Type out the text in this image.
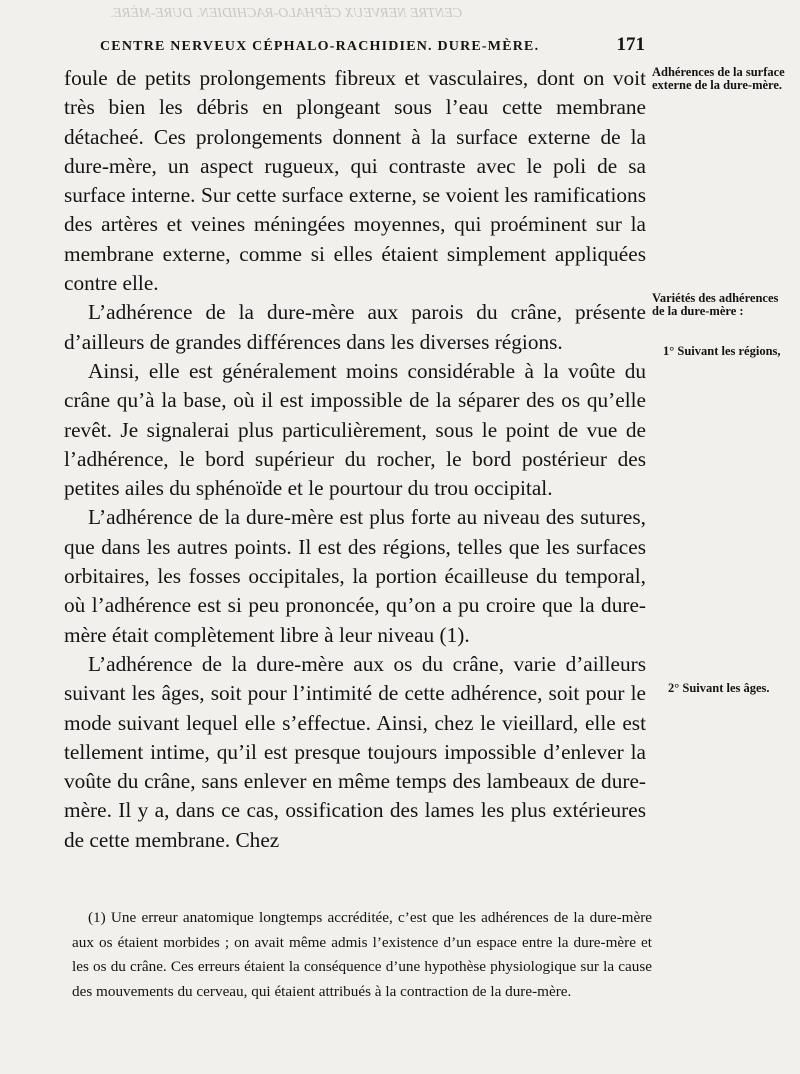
CENTRE NERVEUX CÉPHALO-RACHIDIEN. DURE-MÈRE.
CENTRE NERVEUX CÉPHALO-RACHIDIEN. DURE-MÈRE.	171

foule de petits prolongements fibreux et vasculaires, dont on voit très bien les débris en plongeant sous l’eau cette membrane détacheé. Ces prolongements donnent à la surface externe de la dure-mère, un aspect rugueux, qui contraste avec le poli de sa surface interne. Sur cette surface externe, se voient les ramifications des artères et veines méningées moyennes, qui proéminent sur la membrane externe, comme si elles étaient simplement appliquées contre elle.

L’adhérence de la dure-mère aux parois du crâne, présente d’ailleurs de grandes différences dans les diverses régions.

Ainsi, elle est généralement moins considérable à la voûte du crâne qu’à la base, où il est impossible de la séparer des os qu’elle revêt. Je signalerai plus particulièrement, sous le point de vue de l’adhérence, le bord supérieur du rocher, le bord postérieur des petites ailes du sphénoïde et le pourtour du trou occipital.

L’adhérence de la dure-mère est plus forte au niveau des sutures, que dans les autres points. Il est des régions, telles que les surfaces orbitaires, les fosses occipitales, la portion écailleuse du temporal, où l’adhérence est si peu prononcée, qu’on a pu croire que la dure-mère était complètement libre à leur niveau (1).

L’adhérence de la dure-mère aux os du crâne, varie d’ailleurs suivant les âges, soit pour l’intimité de cette adhérence, soit pour le mode suivant lequel elle s’effectue. Ainsi, chez le vieillard, elle est tellement intime, qu’il est presque toujours impossible d’enlever la voûte du crâne, sans enlever en même temps des lambeaux de dure-mère. Il y a, dans ce cas, ossification des lames les plus extérieures de cette membrane. Chez

Adhérences de la surface externe de la dure-mère.
Variétés des adhérences de la dure-mère :
1° Suivant les régions,
2° Suivant les âges.

(1) Une erreur anatomique longtemps accréditée, c’est que les adhérences de la dure-mère aux os étaient morbides ; on avait même admis l’existence d’un espace entre la dure-mère et les os du crâne. Ces erreurs étaient la conséquence d’une hypothèse physiologique sur la cause des mouvements du cerveau, qui étaient attribués à la contraction de la dure-mère.
